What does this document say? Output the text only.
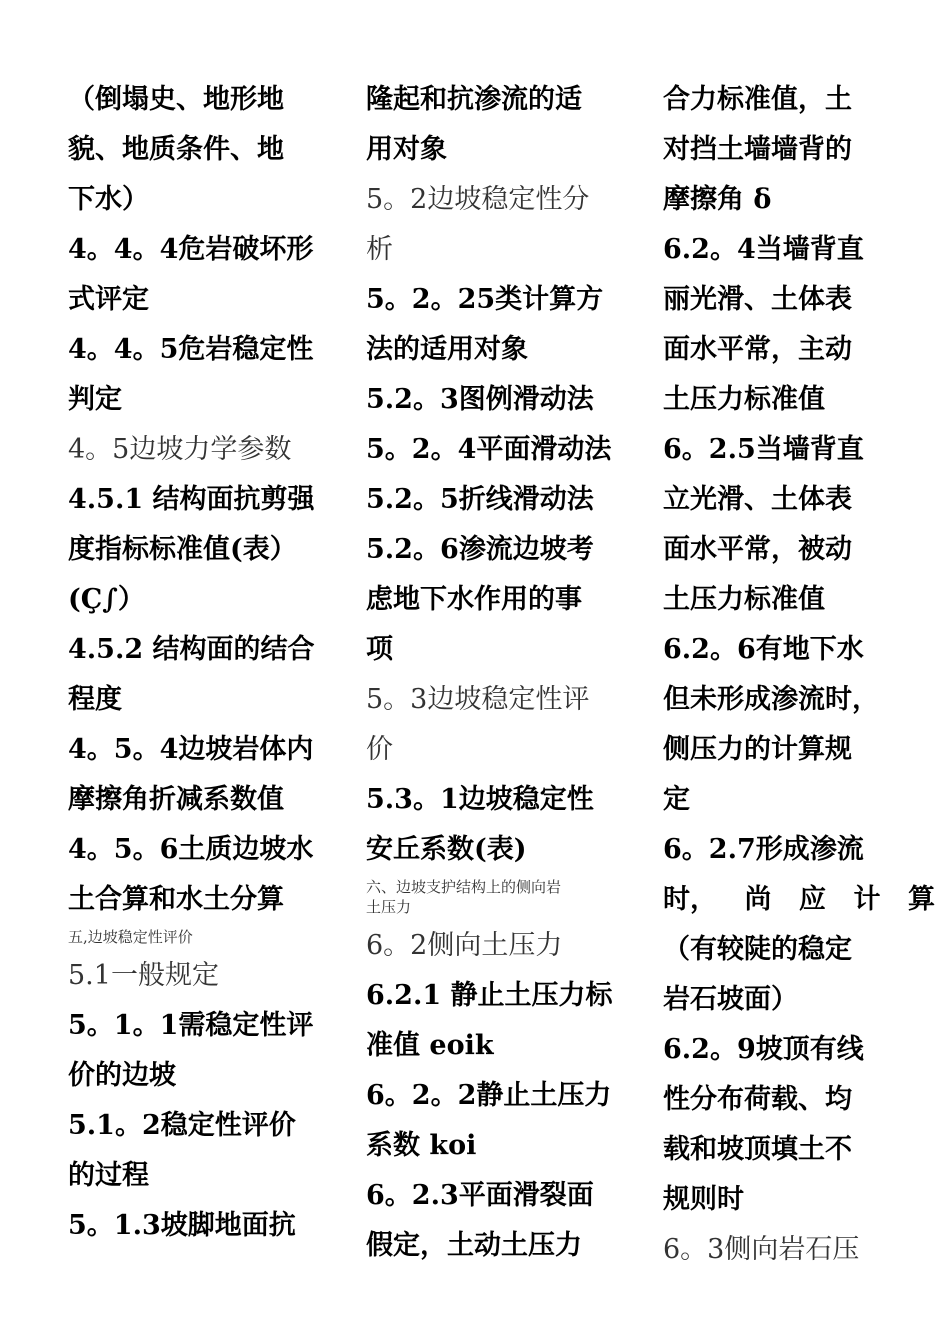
（倒塌史、地形地
貌、地质条件、地
下水）
4。4。4危岩破坏形
式评定
4。4。5危岩稳定性
判定
4。5边坡力学参数
4.5.1 结构面抗剪强
度指标标准值(表）
(Ç∫）
4.5.2 结构面的结合
程度
4。5。4边坡岩体内
摩擦角折减系数值
4。5。6土质边坡水
土合算和水土分算
五,边坡稳定性评价
5.1一般规定
5。1。1需稳定性评
价的边坡
5.1。2稳定性评价
的过程
5。1.3坡脚地面抗
隆起和抗渗流的适
用对象
5。2边坡稳定性分
析
5。2。25类计算方
法的适用对象
5.2。3图例滑动法
5。2。4平面滑动法
5.2。5折线滑动法
5.2。6渗流边坡考
虑地下水作用的事
项
5。3边坡稳定性评
价
5.3。1边坡稳定性
安丘系数(表)
六、边坡支护结构上的侧向岩
土压力
6。2侧向土压力
6.2.1 静止土压力标
准值 eoik
6。2。2静止土压力
系数 koi
6。2.3平面滑裂面
假定，土动土压力
合力标准值，土
对挡土墙墙背的
摩擦角 δ
6.2。4当墙背直
丽光滑、土体表
面水平常，主动
土压力标准值
6。2.5当墙背直
立光滑、土体表
面水平常，被动
土压力标准值
6.2。6有地下水
但未形成渗流时，
侧压力的计算规
定
6。2.7形成渗流
时， 尚 应 计 算
（有较陡的稳定
岩石坡面）
6.2。9坡顶有线
性分布荷载、均
载和坡顶填土不
规则时
6。3侧向岩石压
